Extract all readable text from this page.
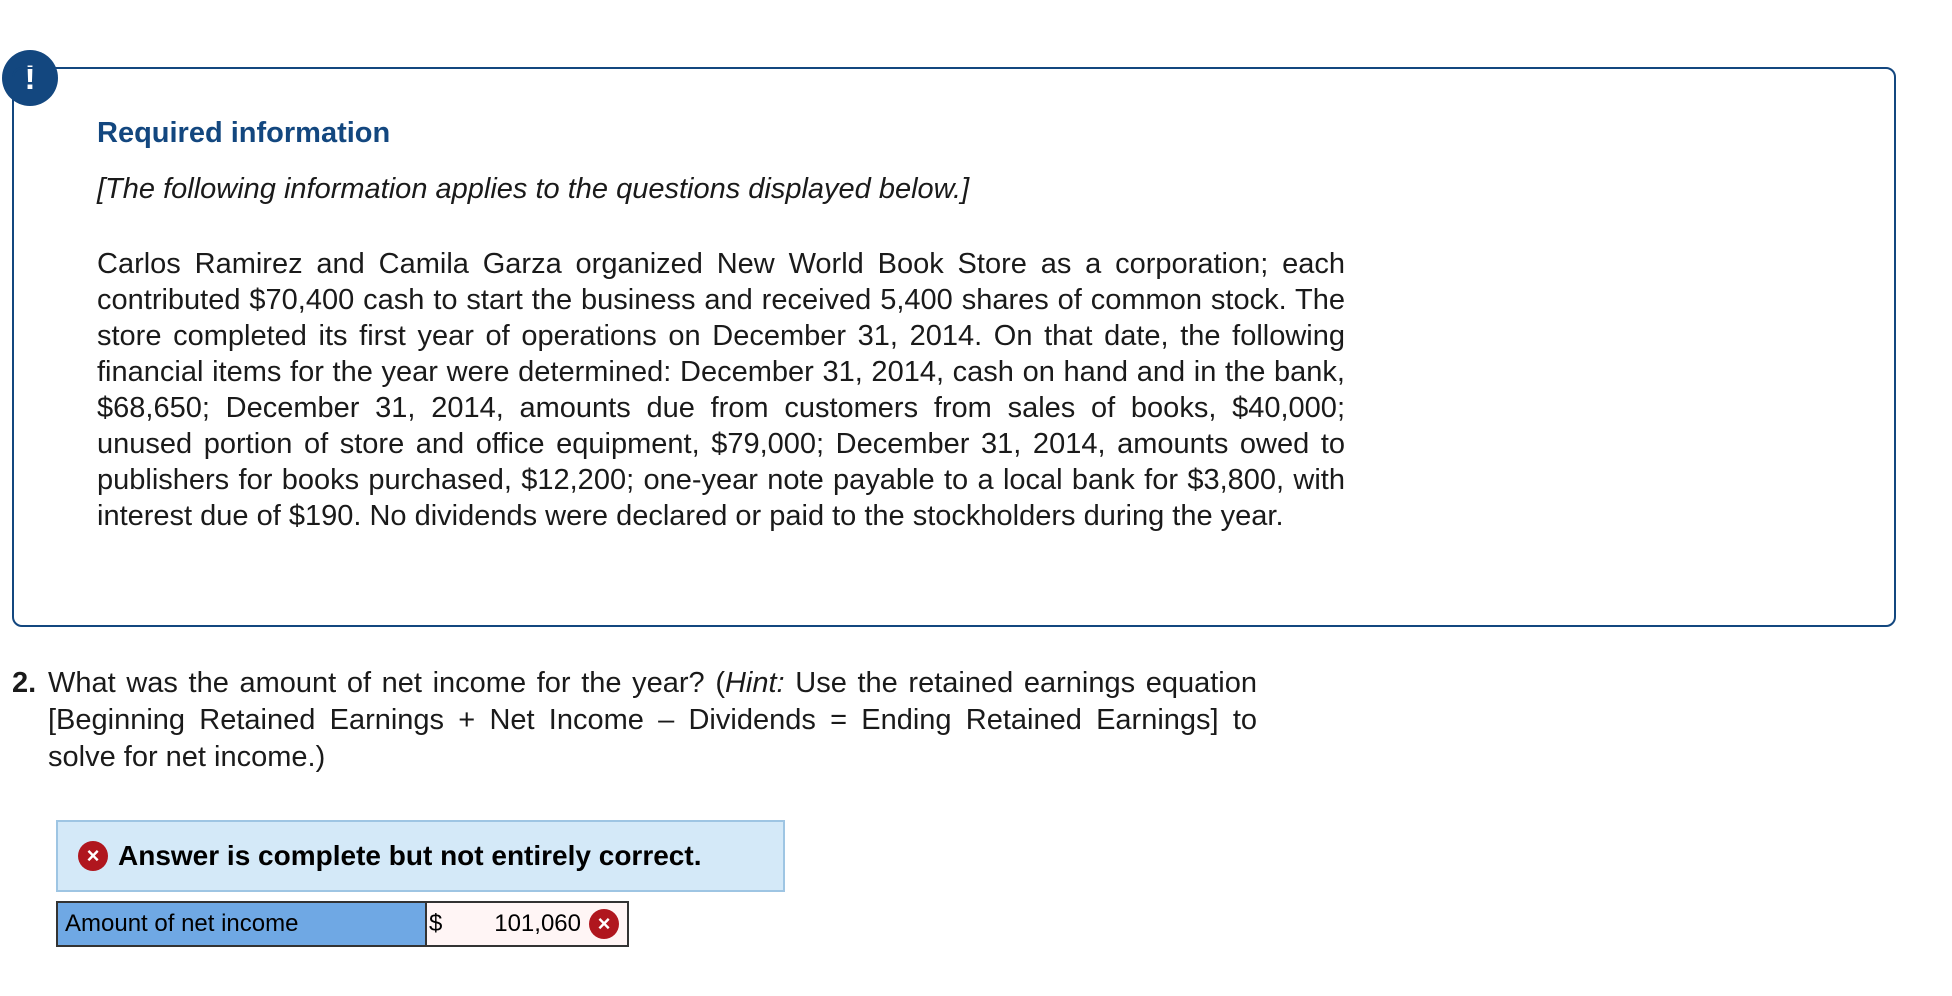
!
Required information
[The following information applies to the questions displayed below.]
Carlos Ramirez and Camila Garza organized New World Book Store as a corporation; each contributed $70,400 cash to start the business and received 5,400 shares of common stock. The store completed its first year of operations on December 31, 2014. On that date, the following financial items for the year were determined: December 31, 2014, cash on hand and in the bank, $68,650; December 31, 2014, amounts due from customers from sales of books, $40,000; unused portion of store and office equipment, $79,000; December 31, 2014, amounts owed to publishers for books purchased, $12,200; one-year note payable to a local bank for $3,800, with interest due of $190. No dividends were declared or paid to the stockholders during the year.
2. What was the amount of net income for the year? (Hint: Use the retained earnings equation [Beginning Retained Earnings + Net Income – Dividends = Ending Retained Earnings] to solve for net income.)
× Answer is complete but not entirely correct.
Amount of net income	$ 101,060 ×
